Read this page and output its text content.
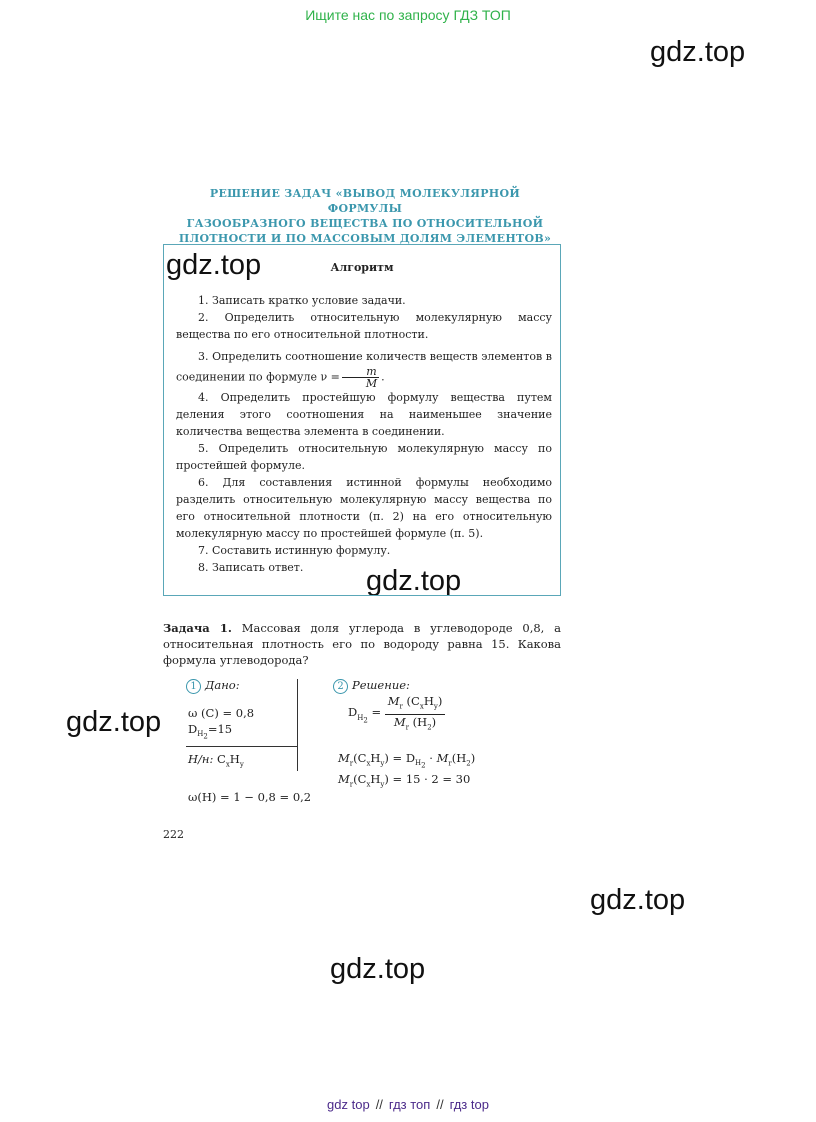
Ищите нас по запросу ГДЗ ТОП
gdz.top
gdz.top
gdz.top
gdz.top
gdz.top
gdz.top
РЕШЕНИЕ ЗАДАЧ «ВЫВОД МОЛЕКУЛЯРНОЙ ФОРМУЛЫ
ГАЗООБРАЗНОГО ВЕЩЕСТВА ПО ОТНОСИТЕЛЬНОЙ
ПЛОТНОСТИ И ПО МАССОВЫМ ДОЛЯМ ЭЛЕМЕНТОВ»
Алгоритм
1. Записать кратко условие задачи.
2. Определить относительную молекулярную массу вещества по его относительной плотности.
3. Определить соотношение количеств веществ элементов в соединении по формуле $\nu = \frac{m}{M}$ .
4. Определить простейшую формулу вещества путем деления этого соотношения на наименьшее значение количества вещества элемента в соединении.
5. Определить относительную молекулярную массу по простейшей формуле.
6. Для составления истинной формулы необходимо разделить относительную молекулярную массу вещества по его относительной плотности (п. 2) на его относительную молекулярную массу по простейшей формуле (п. 5).
7. Составить истинную формулу.
8. Записать ответ.
Задача 1. Массовая доля углерода в углеводороде 0,8, а относительная плотность его по водороду равна 15. Какова формула углеводорода?
1 Дано:
ω (C) = 0,8
$D_{H_2}=15$
Н/н: $C_xH_y$
ω(H) = 1 − 0,8 = 0,2
2 Решение:
$D_{H_2} = \frac{M_r (C_xH_y)}{M_r (H_2)}$
$M_r(C_xH_y) = D_{H_2} \cdot M_r(H_2)$
$M_r(C_xH_y) = 15 \cdot 2 = 30$
222
gdz top // гдз топ // гдз top
